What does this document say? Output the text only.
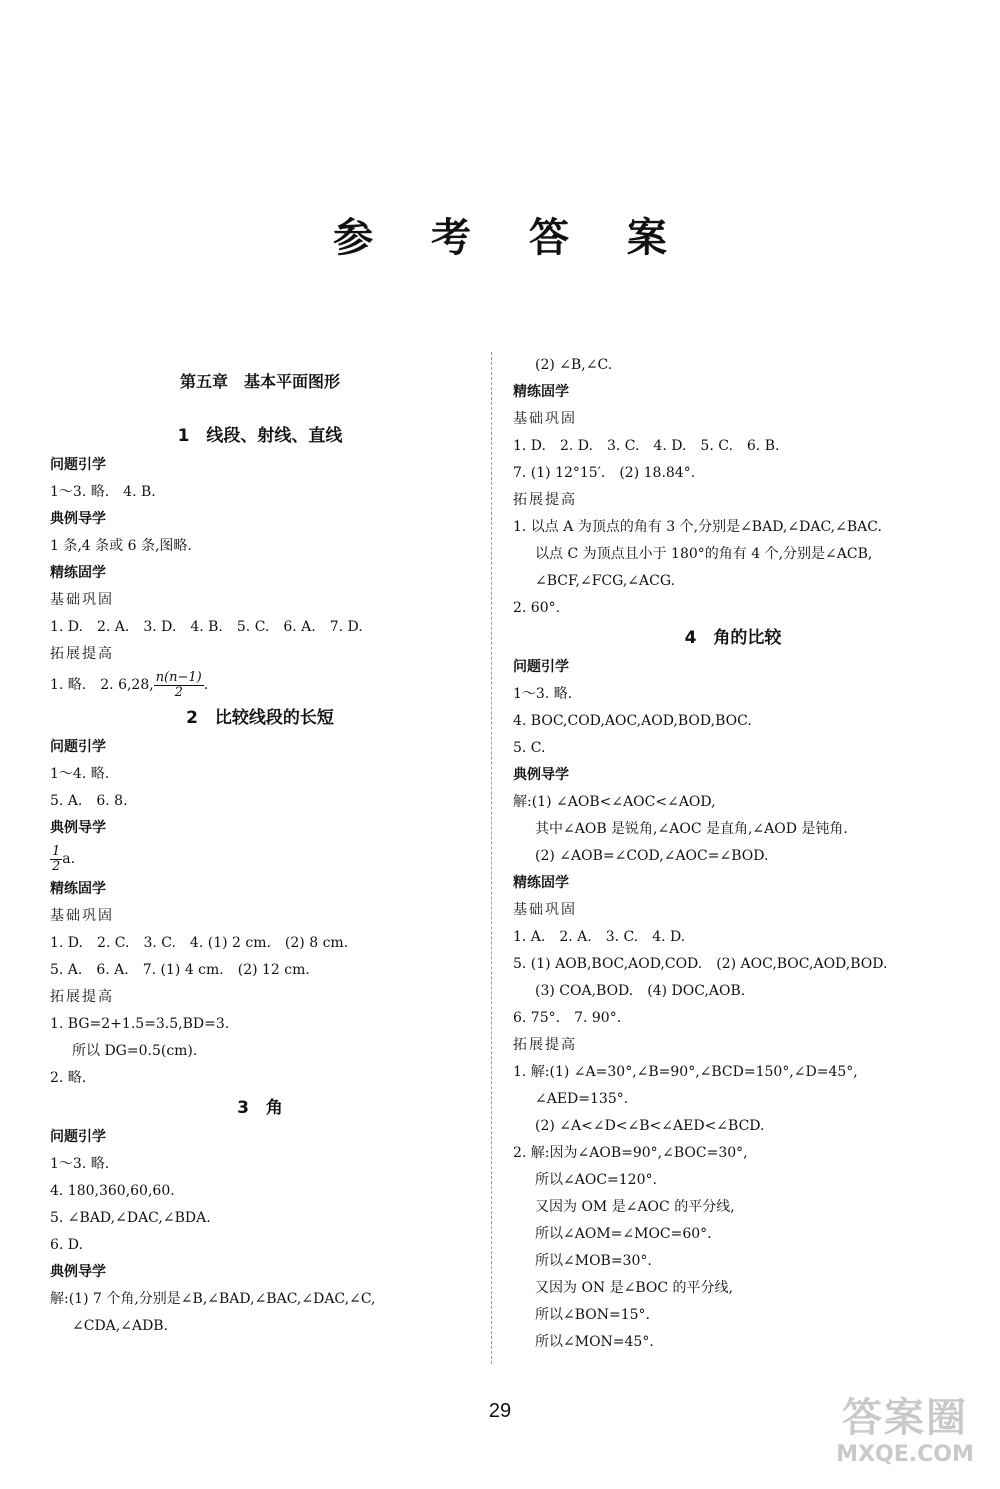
参 考 答 案
第五章　基本平面图形
1　线段、射线、直线
问题引学
1～3. 略.　4. B.
典例导学
1 条,4 条或 6 条,图略.
精练固学
基础巩固
1. D.　2. A.　3. D.　4. B.　5. C.　6. A.　7. D.
拓展提高
1. 略.　2. 6,28, $\frac{n(n-1)}{2}$ .
2　比较线段的长短
问题引学
1～4. 略.
5. A.　6. 8.
典例导学
$\frac{1}{2} a$.
精练固学
基础巩固
1. D.　2. C.　3. C.　4. (1) 2 cm.　(2) 8 cm.
5. A.　6. A.　7. (1) 4 cm.　(2) 12 cm.
拓展提高
1. BG=2+1.5=3.5,BD=3.
所以 DG=0.5(cm).
2. 略.
3　角
问题引学
1～3. 略.
4. 180,360,60,60.
5. ∠BAD,∠DAC,∠BDA.
6. D.
典例导学
解:(1) 7 个角,分别是∠B,∠BAD,∠BAC,∠DAC,∠C,
∠CDA,∠ADB.
(2) ∠B,∠C.
精练固学
基础巩固
1. D.　2. D.　3. C.　4. D.　5. C.　6. B.
7. (1) 12°15′.　(2) 18.84°.
拓展提高
1. 以点 A 为顶点的角有 3 个,分别是∠BAD,∠DAC,∠BAC.
以点 C 为顶点且小于 180°的角有 4 个,分别是∠ACB,
∠BCF,∠FCG,∠ACG.
2. 60°.
4　角的比较
问题引学
1～3. 略.
4. BOC,COD,AOC,AOD,BOD,BOC.
5. C.
典例导学
解:(1) ∠AOB<∠AOC<∠AOD,
其中∠AOB 是锐角,∠AOC 是直角,∠AOD 是钝角.
(2) ∠AOB=∠COD,∠AOC=∠BOD.
精练固学
基础巩固
1. A.　2. A.　3. C.　4. D.
5. (1) AOB,BOC,AOD,COD.　(2) AOC,BOC,AOD,BOD.
(3) COA,BOD.　(4) DOC,AOB.
6. 75°.　7. 90°.
拓展提高
1. 解:(1) ∠A=30°,∠B=90°,∠BCD=150°,∠D=45°,
∠AED=135°.
(2) ∠A<∠D<∠B<∠AED<∠BCD.
2. 解:因为∠AOB=90°,∠BOC=30°,
所以∠AOC=120°.
又因为 OM 是∠AOC 的平分线,
所以∠AOM=∠MOC=60°.
所以∠MOB=30°.
又因为 ON 是∠BOC 的平分线,
所以∠BON=15°.
所以∠MON=45°.
29	答案圈
MXQE.COM
